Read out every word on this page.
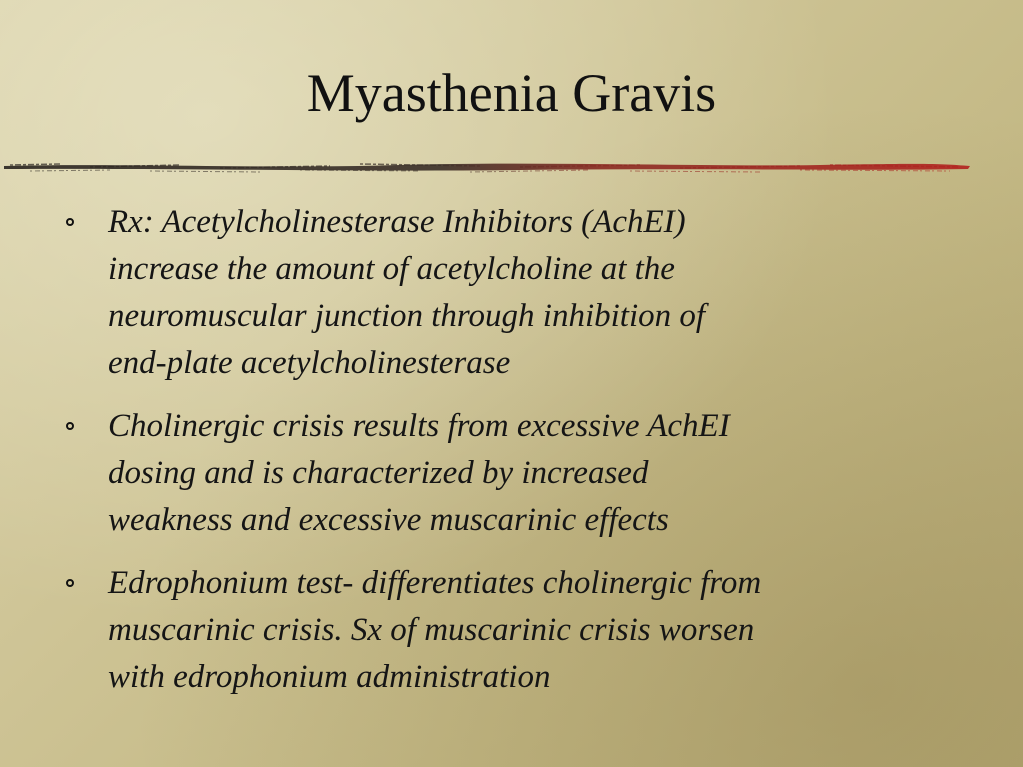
Myasthenia Gravis
Rx: Acetylcholinesterase Inhibitors (AchEI)
increase the amount of acetylcholine at the
neuromuscular junction through inhibition of
end-plate acetylcholinesterase
Cholinergic crisis results from excessive AchEI
dosing and is characterized by increased
weakness and excessive muscarinic effects
Edrophonium test- differentiates cholinergic from
muscarinic crisis. Sx of muscarinic crisis worsen
with edrophonium administration
